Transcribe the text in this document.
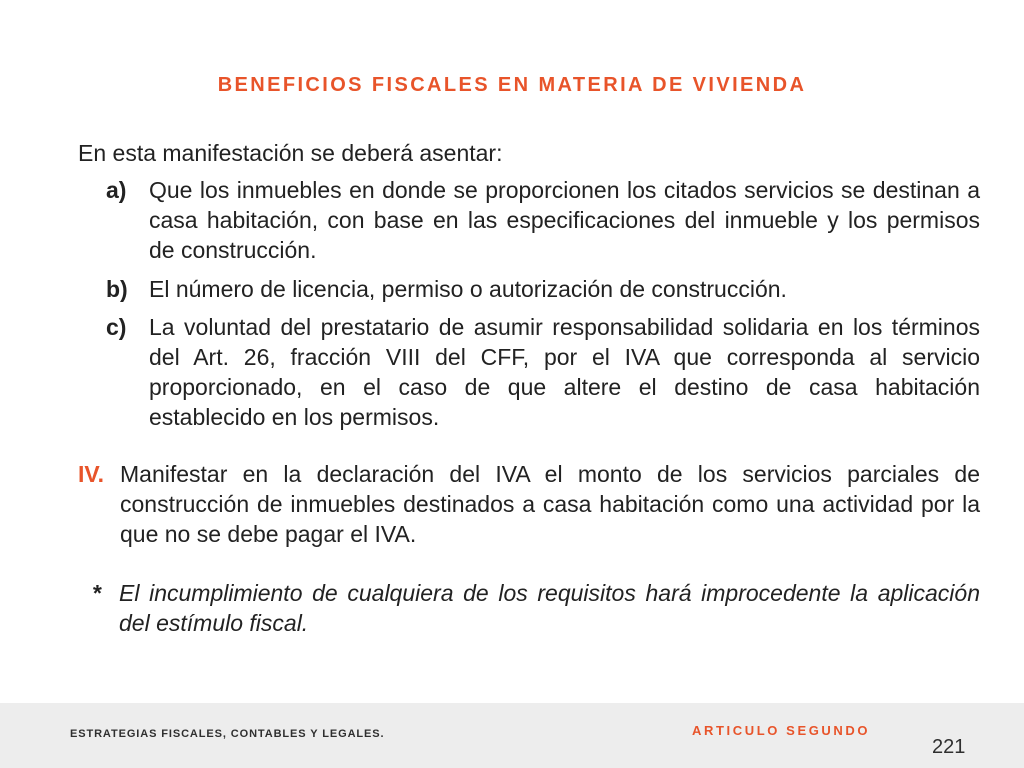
BENEFICIOS FISCALES EN MATERIA DE VIVIENDA
En esta manifestación se deberá asentar:
a) Que los inmuebles en donde se proporcionen los citados servicios se destinan a casa habitación, con base en las especificaciones del inmueble y los permisos de construcción.
b) El número de licencia, permiso o autorización de construcción.
c) La voluntad del prestatario de asumir responsabilidad solidaria en los términos del Art. 26, fracción VIII del CFF, por el IVA que corresponda al servicio proporcionado, en el caso de que altere el destino de casa habitación establecido en los permisos.
IV. Manifestar en la declaración del IVA el monto de los servicios parciales de construcción de inmuebles destinados a casa habitación como una actividad por la que no se debe pagar el IVA.
* El incumplimiento de cualquiera de los requisitos hará improcedente la aplicación del estímulo fiscal.
ESTRATEGIAS FISCALES, CONTABLES Y LEGALES.	ARTICULO SEGUNDO
221
